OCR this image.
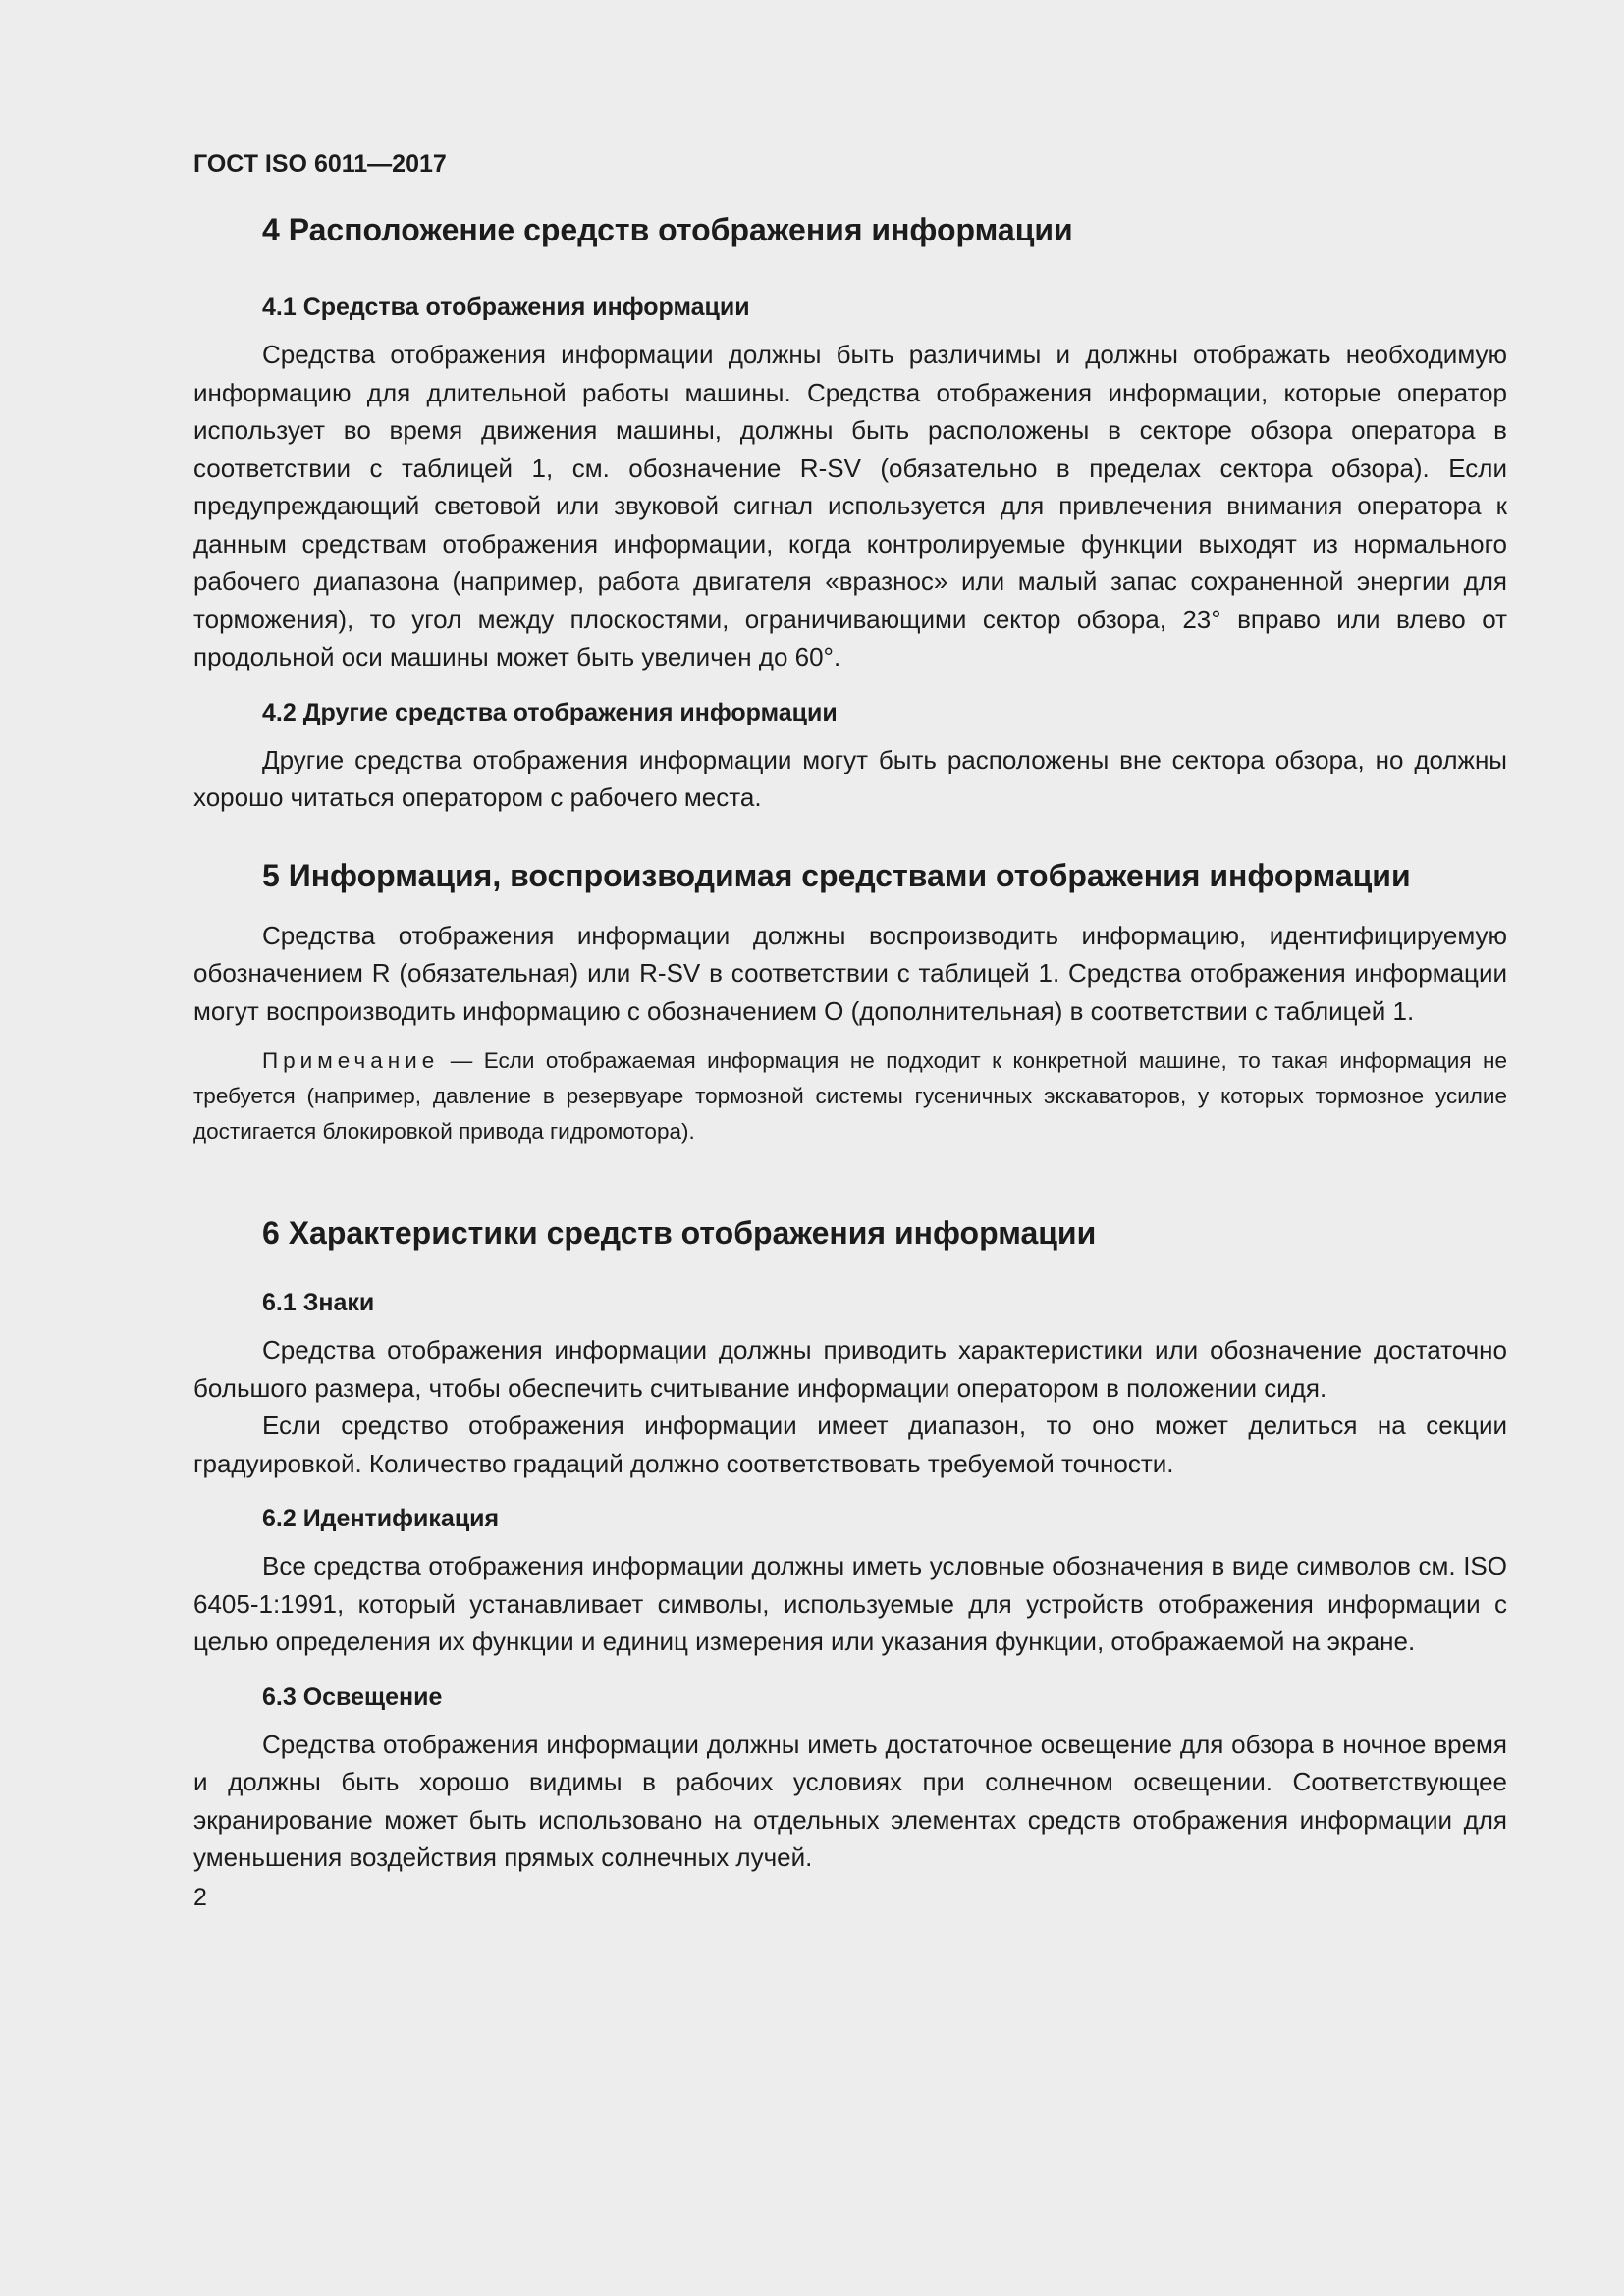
ГОСТ ISO 6011—2017
4 Расположение средств отображения информации
4.1 Средства отображения информации

Средства отображения информации должны быть различимы и должны отображать необходимую информацию для длительной работы машины. Средства отображения информации, которые оператор использует во время движения машины, должны быть расположены в секторе обзора оператора в соответствии с таблицей 1, см. обозначение R-SV (обязательно в пределах сектора обзора). Если предупреждающий световой или звуковой сигнал используется для привлечения внимания оператора к данным средствам отображения информации, когда контролируемые функции выходят из нормального рабочего диапазона (например, работа двигателя «вразнос» или малый запас сохраненной энергии для торможения), то угол между плоскостями, ограничивающими сектор обзора, 23° вправо или влево от продольной оси машины может быть увеличен до 60°.

4.2 Другие средства отображения информации

Другие средства отображения информации могут быть расположены вне сектора обзора, но должны хорошо читаться оператором с рабочего места.

5 Информация, воспроизводимая средствами отображения информации

Средства отображения информации должны воспроизводить информацию, идентифицируемую обозначением R (обязательная) или R-SV в соответствии с таблицей 1. Средства отображения информации могут воспроизводить информацию с обозначением O (дополнительная) в соответствии с таблицей 1.

Примечание — Если отображаемая информация не подходит к конкретной машине, то такая информация не требуется (например, давление в резервуаре тормозной системы гусеничных экскаваторов, у которых тормозное усилие достигается блокировкой привода гидромотора).

6 Характеристики средств отображения информации
6.1 Знаки

Средства отображения информации должны приводить характеристики или обозначение достаточно большого размера, чтобы обеспечить считывание информации оператором в положении сидя.

Если средство отображения информации имеет диапазон, то оно может делиться на секции градуировкой. Количество градаций должно соответствовать требуемой точности.

6.2 Идентификация

Все средства отображения информации должны иметь условные обозначения в виде символов см. ISO 6405-1:1991, который устанавливает символы, используемые для устройств отображения информации с целью определения их функции и единиц измерения или указания функции, отображаемой на экране.

6.3 Освещение

Средства отображения информации должны иметь достаточное освещение для обзора в ночное время и должны быть хорошо видимы в рабочих условиях при солнечном освещении. Соответствующее экранирование может быть использовано на отдельных элементах средств отображения информации для уменьшения воздействия прямых солнечных лучей.

2
